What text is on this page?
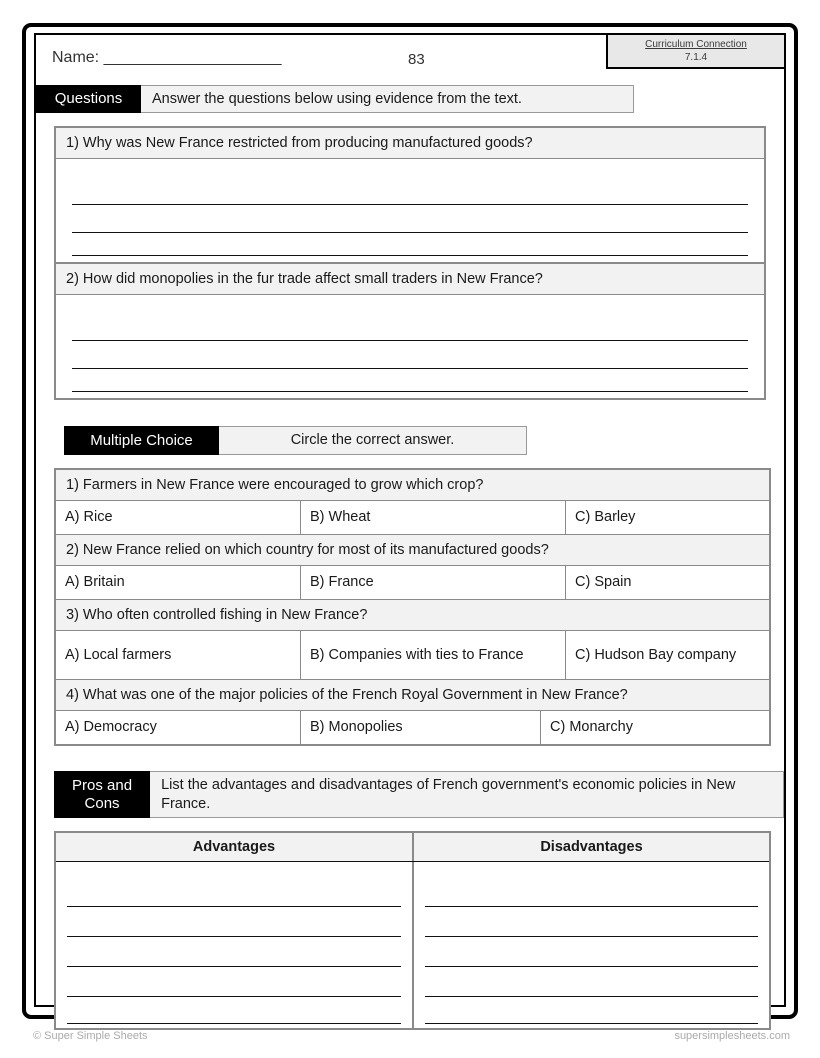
Name: ____________________	83
Curriculum Connection
7.1.4
Questions	Answer the questions below using evidence from the text.
1) Why was New France restricted from producing manufactured goods?
2) How did monopolies in the fur trade affect small traders in New France?
Multiple Choice	Circle the correct answer.
1) Farmers in New France were encouraged to grow which crop?
A) Rice	B) Wheat	C) Barley
2) New France relied on which country for most of its manufactured goods?
A) Britain	B) France	C) Spain
3) Who often controlled fishing in New France?
A) Local farmers	B) Companies with ties to France	C) Hudson Bay company
4) What was one of the major policies of the French Royal Government in New France?
A) Democracy	B) Monopolies	C) Monarchy
Pros and
Cons
List the advantages and disadvantages of French government's economic policies in New France.
Advantages	Disadvantages
© Super Simple Sheets	supersimplesheets.com
